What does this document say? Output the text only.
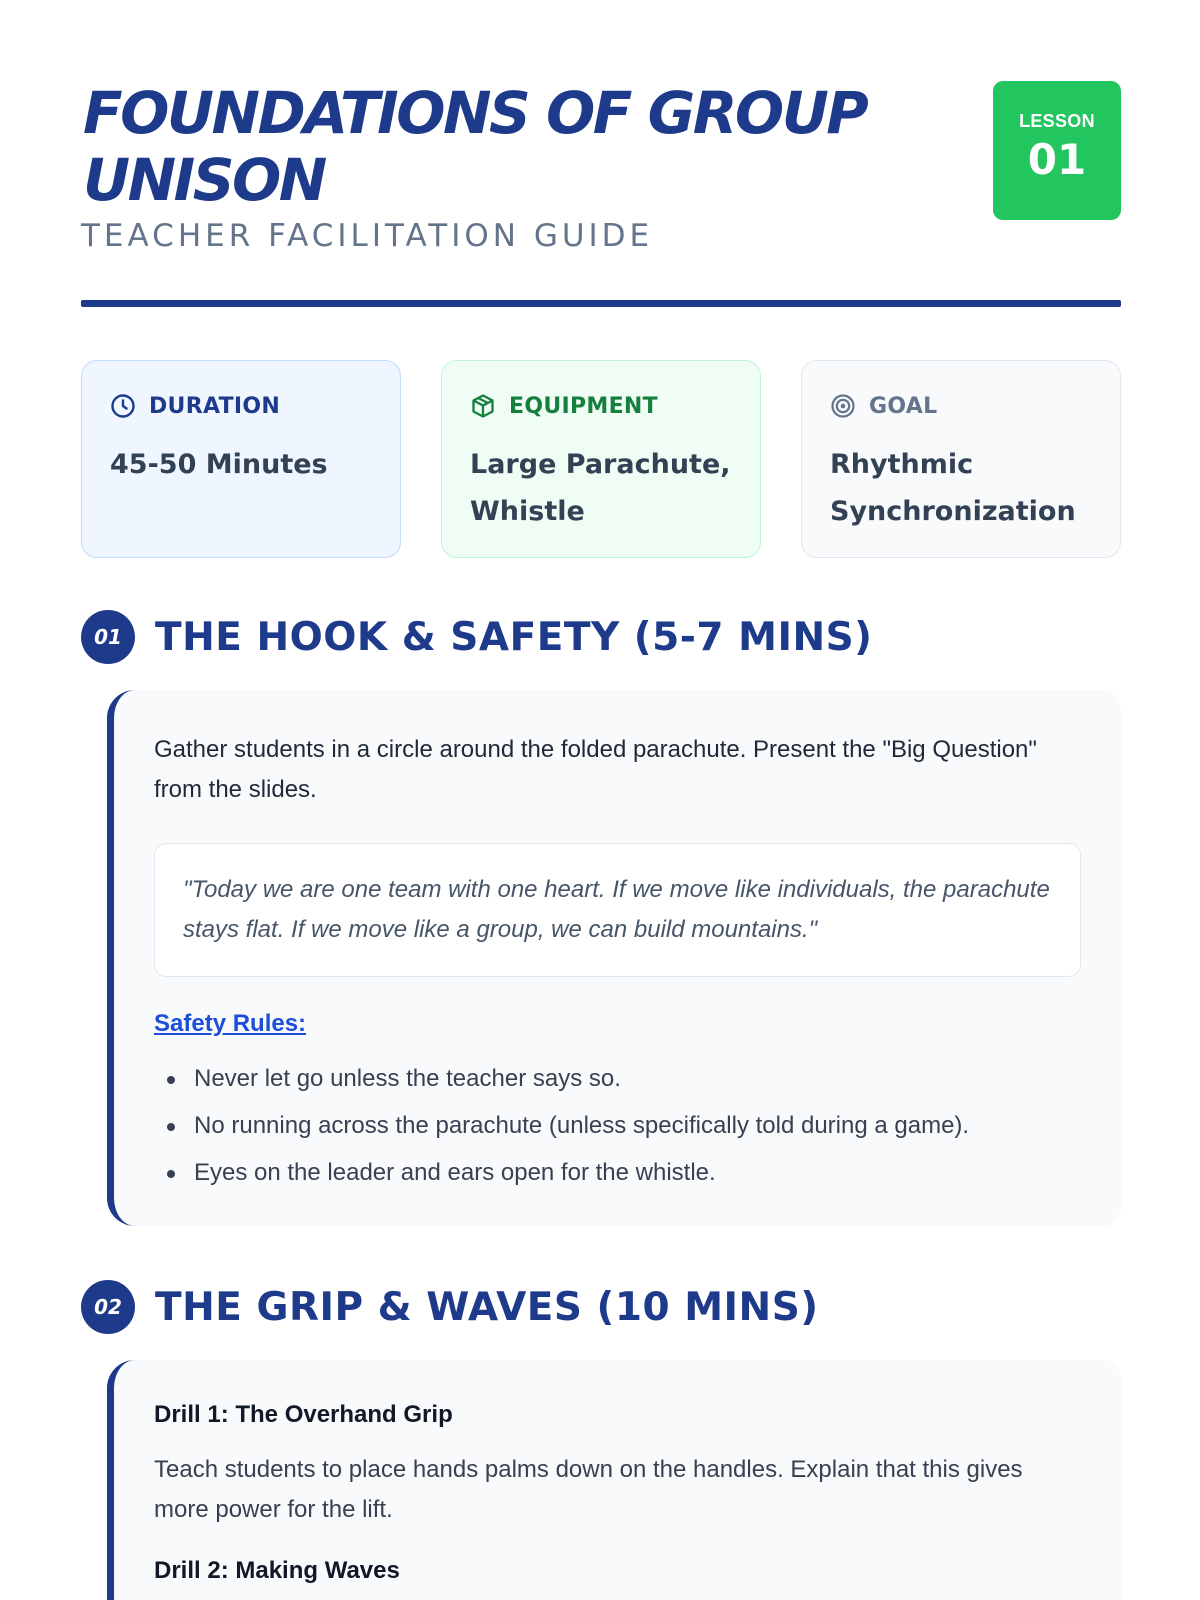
FOUNDATIONS OF GROUP UNISON
TEACHER FACILITATION GUIDE
LESSON
01
DURATION
45-50 Minutes
EQUIPMENT
Large Parachute, Whistle
GOAL
Rhythmic Synchronization
01 THE HOOK & SAFETY (5-7 MINS)

Gather students in a circle around the folded parachute. Present the "Big Question" from the slides.

"Today we are one team with one heart. If we move like individuals, the parachute stays flat. If we move like a group, we can build mountains."
Safety Rules:
Never let go unless the teacher says so.
No running across the parachute (unless specifically told during a game).
Eyes on the leader and ears open for the whistle.
02 THE GRIP & WAVES (10 MINS)
Drill 1: The Overhand Grip

Teach students to place hands palms down on the handles. Explain that this gives more power for the lift.

Drill 2: Making Waves
